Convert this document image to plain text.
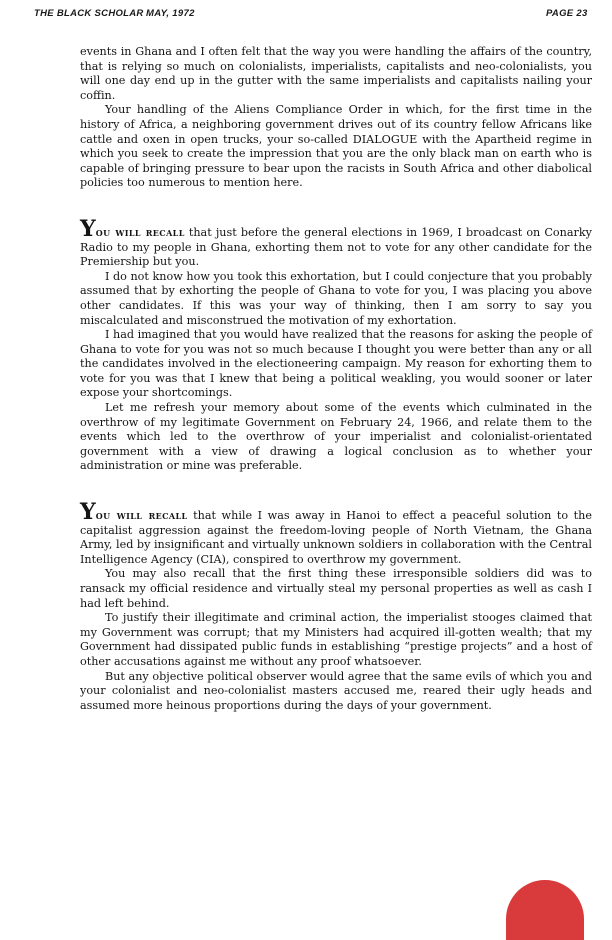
THE BLACK SCHOLAR MAY, 1972	PAGE 23

events in Ghana and I often felt that the way you were handling the affairs of the country, that is relying so much on colonialists, imperialists, capitalists and neo-colonialists, you will one day end up in the gutter with the same imperialists and capitalists nailing your coffin.

Your handling of the Aliens Compliance Order in which, for the first time in the history of Africa, a neighboring government drives out of its country fellow Africans like cattle and oxen in open trucks, your so-called DIALOGUE with the Apartheid regime in which you seek to create the impression that you are the only black man on earth who is capable of bringing pressure to bear upon the racists in South Africa and other diabolical policies too numerous to mention here.

You will recall that just before the general elections in 1969, I broadcast on Conarky Radio to my people in Ghana, exhorting them not to vote for any other candidate for the Premiership but you.

I do not know how you took this exhortation, but I could conjecture that you probably assumed that by exhorting the people of Ghana to vote for you, I was placing you above other candidates. If this was your way of thinking, then I am sorry to say you miscalculated and misconstrued the motivation of my exhortation.

I had imagined that you would have realized that the reasons for asking the people of Ghana to vote for you was not so much because I thought you were better than any or all the candidates involved in the electioneering campaign. My reason for exhorting them to vote for you was that I knew that being a political weakling, you would sooner or later expose your shortcomings.

Let me refresh your memory about some of the events which culminated in the overthrow of my legitimate Government on February 24, 1966, and relate them to the events which led to the overthrow of your imperialist and colonialist-orientated government with a view of drawing a logical conclusion as to whether your administration or mine was preferable.

You will recall that while I was away in Hanoi to effect a peaceful solution to the capitalist aggression against the freedom-loving people of North Vietnam, the Ghana Army, led by insignificant and virtually unknown soldiers in collaboration with the Central Intelligence Agency (CIA), conspired to overthrow my government.

You may also recall that the first thing these irresponsible soldiers did was to ransack my official residence and virtually steal my personal properties as well as cash I had left behind.

To justify their illegitimate and criminal action, the imperialist stooges claimed that my Government was corrupt; that my Ministers had acquired ill-gotten wealth; that my Government had dissipated public funds in establishing “prestige projects” and a host of other accusations against me without any proof whatsoever.

But any objective political observer would agree that the same evils of which you and your colonialist and neo-colonialist masters accused me, reared their ugly heads and assumed more heinous proportions during the days of your government.
